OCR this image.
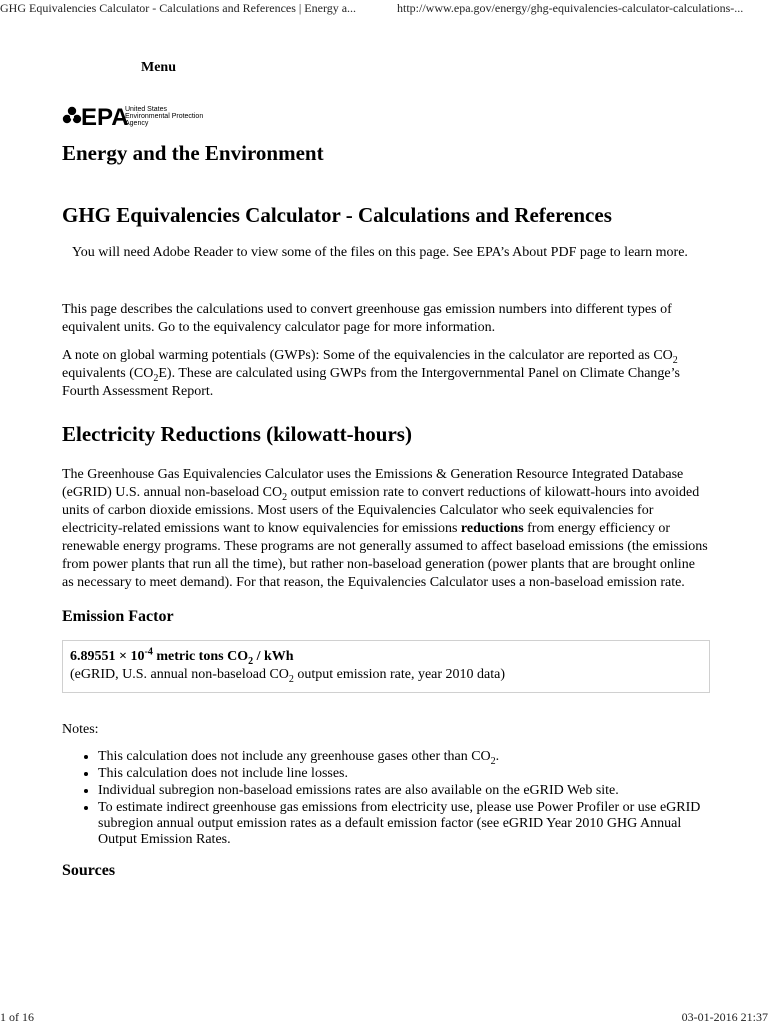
GHG Equivalencies Calculator - Calculations and References | Energy a...	http://www.epa.gov/energy/ghg-equivalencies-calculator-calculations-...
Menu
EPA
United States
Environmental Protection
Agency
Energy and the Environment
GHG Equivalencies Calculator - Calculations and References
You will need Adobe Reader to view some of the files on this page. See EPA’s About PDF page to learn more.

This page describes the calculations used to convert greenhouse gas emission numbers into different types of equivalent units. Go to the equivalency calculator page for more information.

A note on global warming potentials (GWPs): Some of the equivalencies in the calculator are reported as $CO_2$ equivalents $(CO_2E)$. These are calculated using GWPs from the Intergovernmental Panel on Climate Change’s Fourth Assessment Report.

Electricity Reductions (kilowatt-hours)

The Greenhouse Gas Equivalencies Calculator uses the Emissions & Generation Resource Integrated Database (eGRID) U.S. annual non-baseload $CO_2$ output emission rate to convert reductions of kilowatt-hours into avoided units of carbon dioxide emissions. Most users of the Equivalencies Calculator who seek equivalencies for electricity-related emissions want to know equivalencies for emissions reductions from energy efficiency or renewable energy programs. These programs are not generally assumed to affect baseload emissions (the emissions from power plants that run all the time), but rather non-baseload generation (power plants that are brought online as necessary to meet demand). For that reason, the Equivalencies Calculator uses a non-baseload emission rate.

Emission Factor
$6.89551 \times 10^{-4}$ metric tons $CO_2$ / kWh
(eGRID, U.S. annual non-baseload $CO_2$ output emission rate, year 2010 data)

Notes:

• This calculation does not include any greenhouse gases other than $CO_2$.
• This calculation does not include line losses.
• Individual subregion non-baseload emissions rates are also available on the eGRID Web site.
• To estimate indirect greenhouse gas emissions from electricity use, please use Power Profiler or use eGRID subregion annual output emission rates as a default emission factor (see eGRID Year 2010 GHG Annual Output Emission Rates.
Sources
1 of 16	03-01-2016 21:37
